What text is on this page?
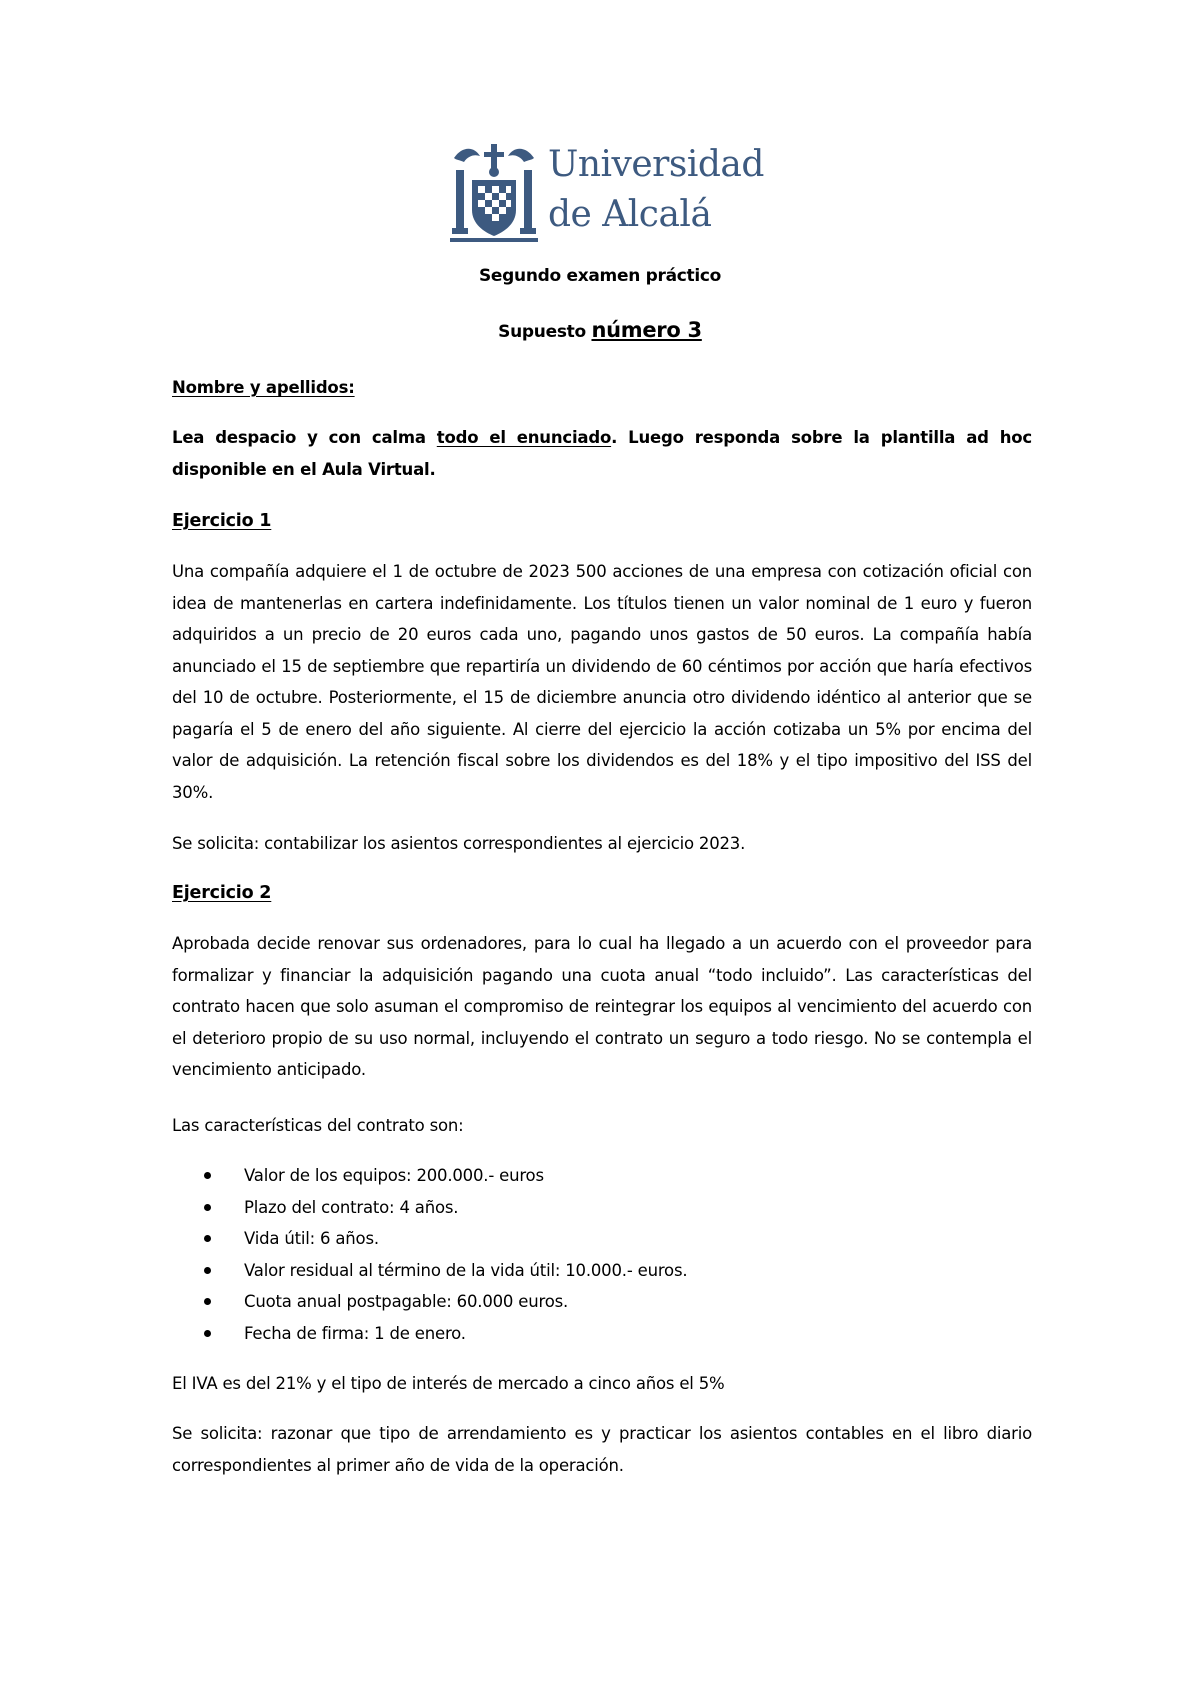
Universidad
de Alcalá
Segundo examen práctico
Supuesto número 3
Nombre y apellidos:
Lea despacio y con calma todo el enunciado. Luego responda sobre la plantilla ad hoc disponible en el Aula Virtual.
Ejercicio 1
Una compañía adquiere el 1 de octubre de 2023 500 acciones de una empresa con cotización oficial con idea de mantenerlas en cartera indefinidamente. Los títulos tienen un valor nominal de 1 euro y fueron adquiridos a un precio de 20 euros cada uno, pagando unos gastos de 50 euros. La compañía había anunciado el 15 de septiembre que repartiría un dividendo de 60 céntimos por acción que haría efectivos del 10 de octubre. Posteriormente, el 15 de diciembre anuncia otro dividendo idéntico al anterior que se pagaría el 5 de enero del año siguiente. Al cierre del ejercicio la acción cotizaba un 5% por encima del valor de adquisición. La retención fiscal sobre los dividendos es del 18% y el tipo impositivo del ISS del 30%.
Se solicita: contabilizar los asientos correspondientes al ejercicio 2023.
Ejercicio 2
Aprobada decide renovar sus ordenadores, para lo cual ha llegado a un acuerdo con el proveedor para formalizar y financiar la adquisición pagando una cuota anual “todo incluido”. Las características del contrato hacen que solo asuman el compromiso de reintegrar los equipos al vencimiento del acuerdo con el deterioro propio de su uso normal, incluyendo el contrato un seguro a todo riesgo. No se contempla el vencimiento anticipado.
Las características del contrato son:
Valor de los equipos: 200.000.- euros
Plazo del contrato: 4 años.
Vida útil: 6 años.
Valor residual al término de la vida útil: 10.000.- euros.
Cuota anual postpagable: 60.000 euros.
Fecha de firma: 1 de enero.
El IVA es del 21% y el tipo de interés de mercado a cinco años el 5%
Se solicita: razonar que tipo de arrendamiento es y practicar los asientos contables en el libro diario correspondientes al primer año de vida de la operación.
